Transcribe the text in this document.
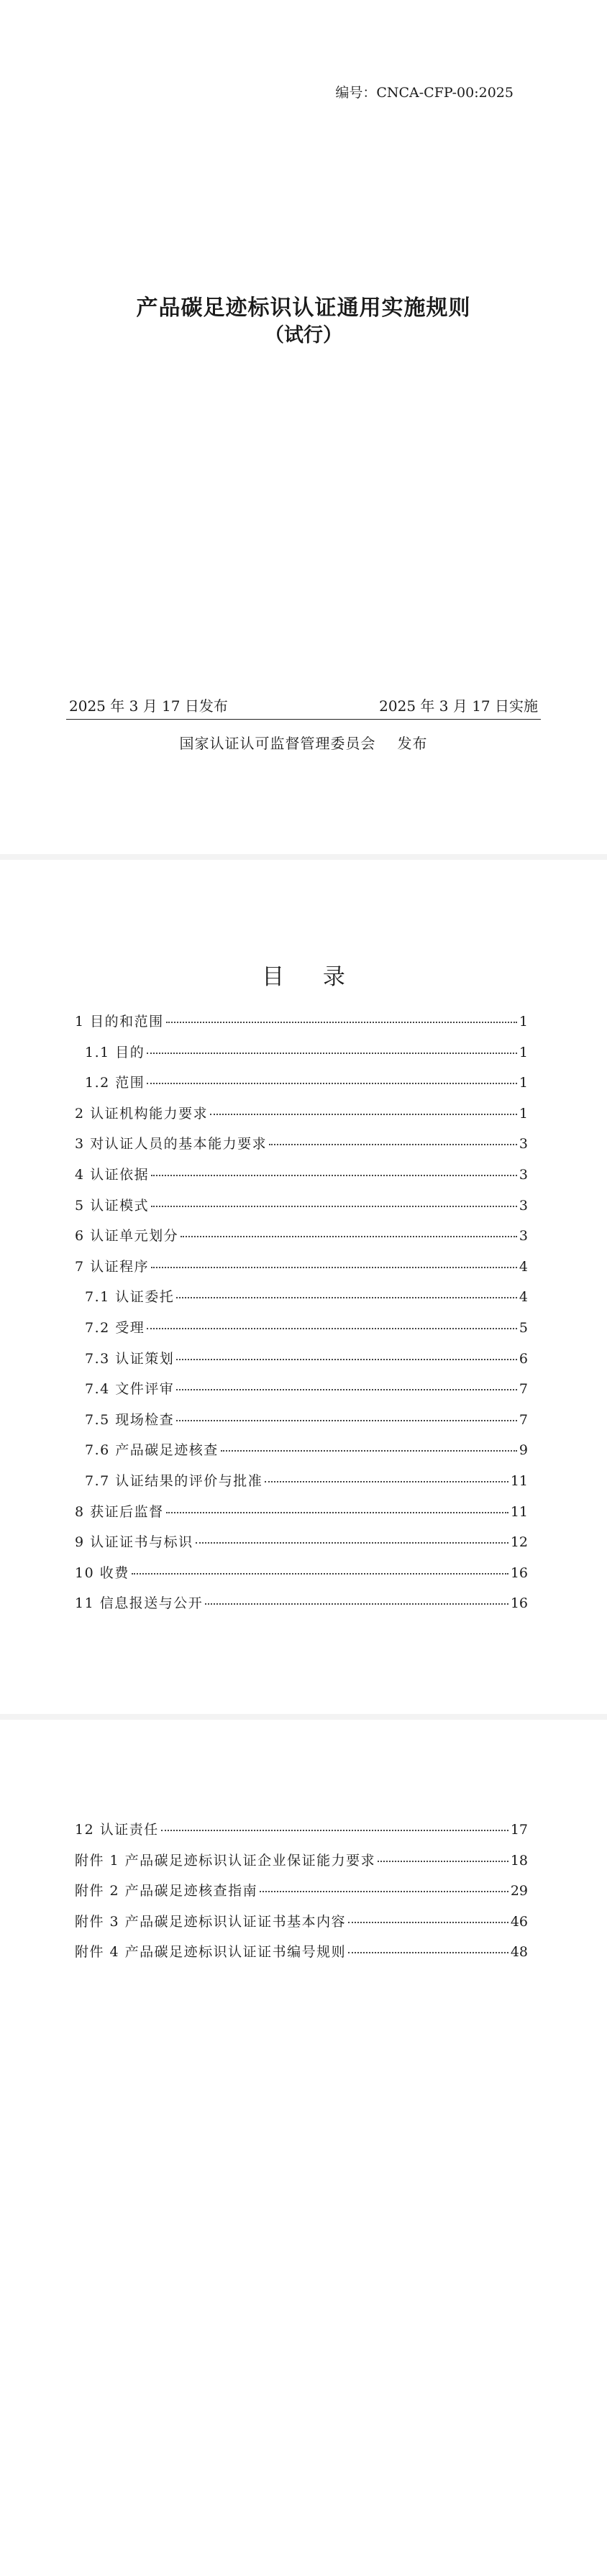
编号：CNCA-CFP-00:2025
产品碳足迹标识认证通用实施规则
（试行）
2025 年 3 月 17 日发布	2025 年 3 月 17 日实施
国家认证认可监督管理委员会 发布
目 录
1 目的和范围	1
1.1 目的	1
1.2 范围	1
2 认证机构能力要求	1
3 对认证人员的基本能力要求	3
4 认证依据	3
5 认证模式	3
6 认证单元划分	3
7 认证程序	4
7.1 认证委托	4
7.2 受理	5
7.3 认证策划	6
7.4 文件评审	7
7.5 现场检查	7
7.6 产品碳足迹核查	9
7.7 认证结果的评价与批准	11
8 获证后监督	11
9 认证证书与标识	12
10 收费	16
11 信息报送与公开	16
12 认证责任	17
附件 1 产品碳足迹标识认证企业保证能力要求	18
附件 2 产品碳足迹核查指南	29
附件 3 产品碳足迹标识认证证书基本内容	46
附件 4 产品碳足迹标识认证证书编号规则	48
